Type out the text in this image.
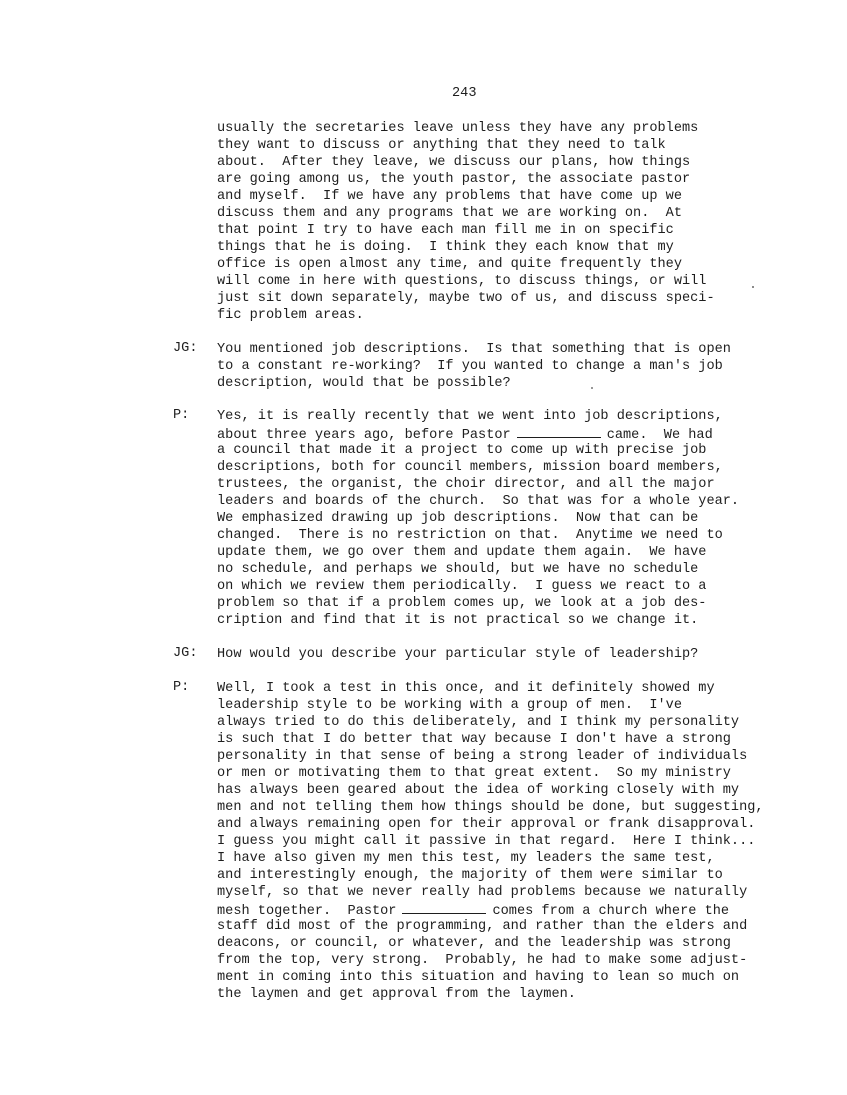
243
usually the secretaries leave unless they have any problems
they want to discuss or anything that they need to talk
about.  After they leave, we discuss our plans, how things
are going among us, the youth pastor, the associate pastor
and myself.  If we have any problems that have come up we
discuss them and any programs that we are working on.  At
that point I try to have each man fill me in on specific
things that he is doing.  I think they each know that my
office is open almost any time, and quite frequently they
will come in here with questions, to discuss things, or will
just sit down separately, maybe two of us, and discuss speci-
fic problem areas.
JG: You mentioned job descriptions.  Is that something that is open
to a constant re-working?  If you wanted to change a man's job
description, would that be possible?
P: Yes, it is really recently that we went into job descriptions,
about three years ago, before Pastor	came.  We had
a council that made it a project to come up with precise job
descriptions, both for council members, mission board members,
trustees, the organist, the choir director, and all the major
leaders and boards of the church.  So that was for a whole year.
We emphasized drawing up job descriptions.  Now that can be
changed.  There is no restriction on that.  Anytime we need to
update them, we go over them and update them again.  We have
no schedule, and perhaps we should, but we have no schedule
on which we review them periodically.  I guess we react to a
problem so that if a problem comes up, we look at a job des-
cription and find that it is not practical so we change it.
JG: How would you describe your particular style of leadership?
P: Well, I took a test in this once, and it definitely showed my
leadership style to be working with a group of men.  I've
always tried to do this deliberately, and I think my personality
is such that I do better that way because I don't have a strong
personality in that sense of being a strong leader of individuals
or men or motivating them to that great extent.  So my ministry
has always been geared about the idea of working closely with my
men and not telling them how things should be done, but suggesting,
and always remaining open for their approval or frank disapproval.
I guess you might call it passive in that regard.  Here I think...
I have also given my men this test, my leaders the same test,
and interestingly enough, the majority of them were similar to
myself, so that we never really had problems because we naturally
mesh together.  Pastor	comes from a church where the
staff did most of the programming, and rather than the elders and
deacons, or council, or whatever, and the leadership was strong
from the top, very strong.  Probably, he had to make some adjust-
ment in coming into this situation and having to lean so much on
the laymen and get approval from the laymen.
